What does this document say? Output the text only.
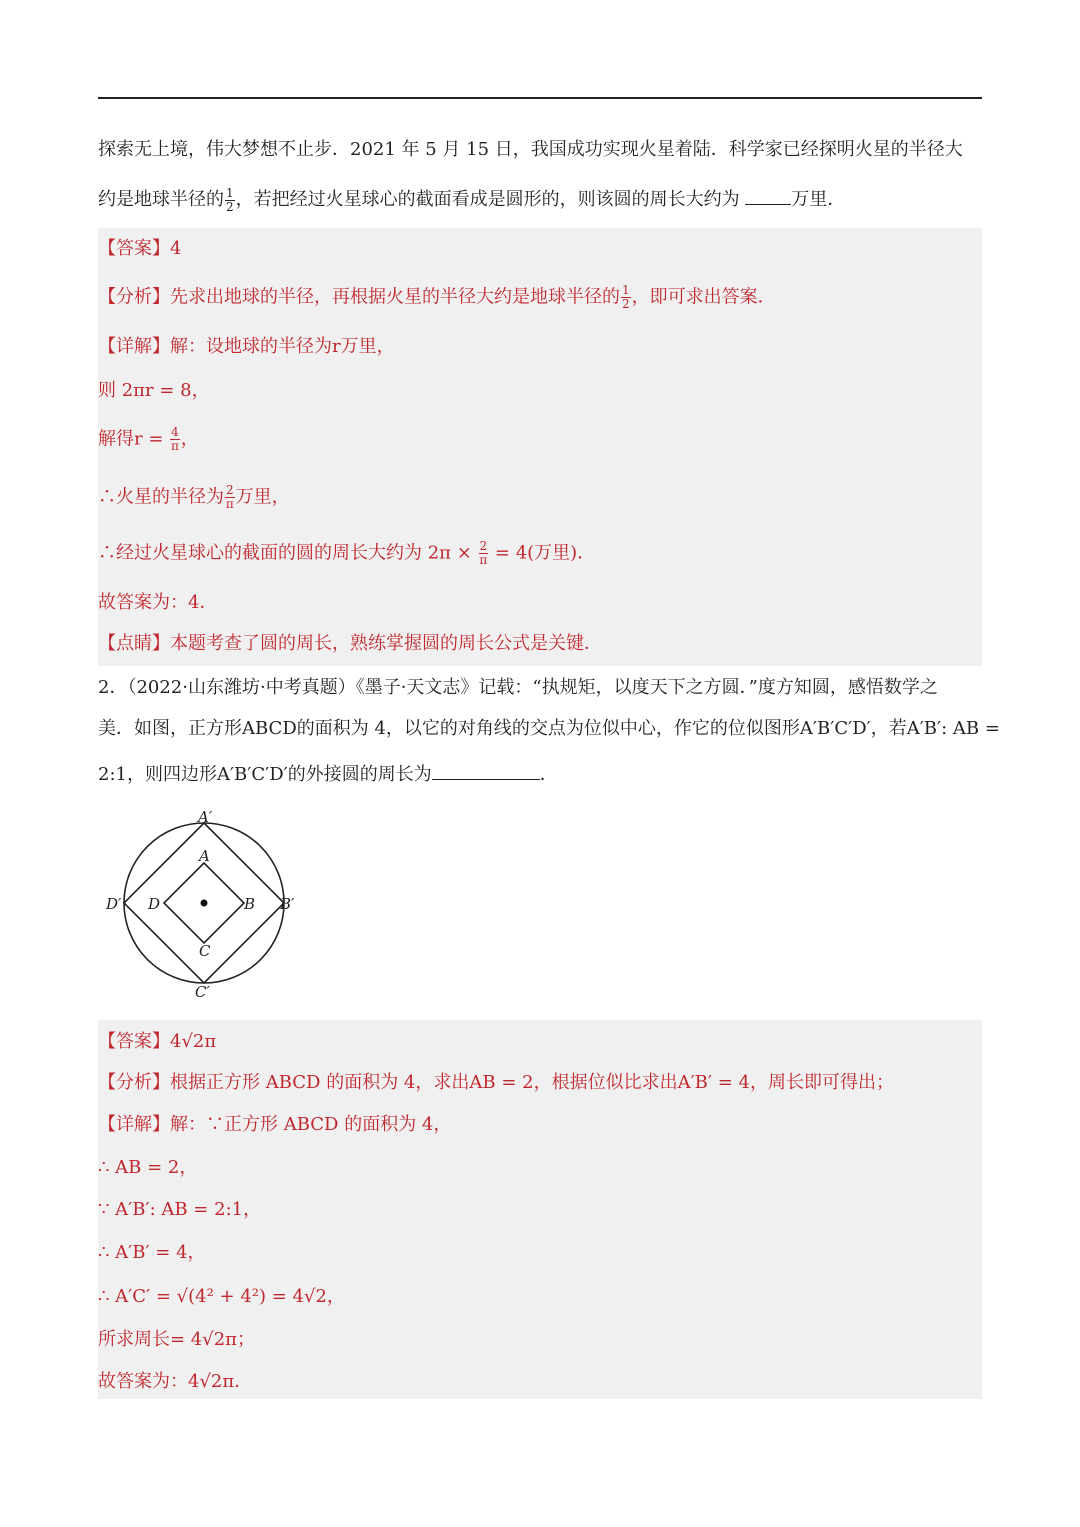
探索无上境，伟大梦想不止步．2021 年 5 月 15 日，我国成功实现火星着陆．科学家已经探明火星的半径大
约是地球半径的 $\frac{1}{2}$ ，若把经过火星球心的截面看成是圆形的，则该圆的周长大约为	万里．
【答案】4
【分析】先求出地球的半径，再根据火星的半径大约是地球半径的 $\frac{1}{2}$ ，即可求出答案．
【详解】解：设地球的半径为r万里，
则 2πr = 8，
解得$r = \frac{4}{\pi}$ ，
∴火星的半径为 $\frac{2}{\pi}$ 万里，
∴经过火星球心的截面的圆的周长大约为 $2\pi \times \frac{2}{\pi} = 4$(万里)．
故答案为：4．
【点睛】本题考查了圆的周长，熟练掌握圆的周长公式是关键．
2．（2022·山东潍坊·中考真题）《墨子·天文志》记载：“执规矩，以度天下之方圆．”度方知圆，感悟数学之
美．如图，正方形ABCD的面积为 4，以它的对角线的交点为位似中心，作它的位似图形A′B′C′D′，若A′B′: AB =
2:1，则四边形A′B′C′D′的外接圆的周长为	．
A′
A
D′ D	B B′
C
C′
【答案】4√2π
【分析】根据正方形 ABCD 的面积为 4，求出AB = 2，根据位似比求出A′B′ = 4，周长即可得出；
【详解】解：∵正方形 ABCD 的面积为 4，
∴ AB = 2，
∵ A′B′: AB = 2:1，
∴ A′B′ = 4，
∴ A′C′ = √(4² + 4²) = 4√2，
所求周长= 4√2π；
故答案为：4√2π．
